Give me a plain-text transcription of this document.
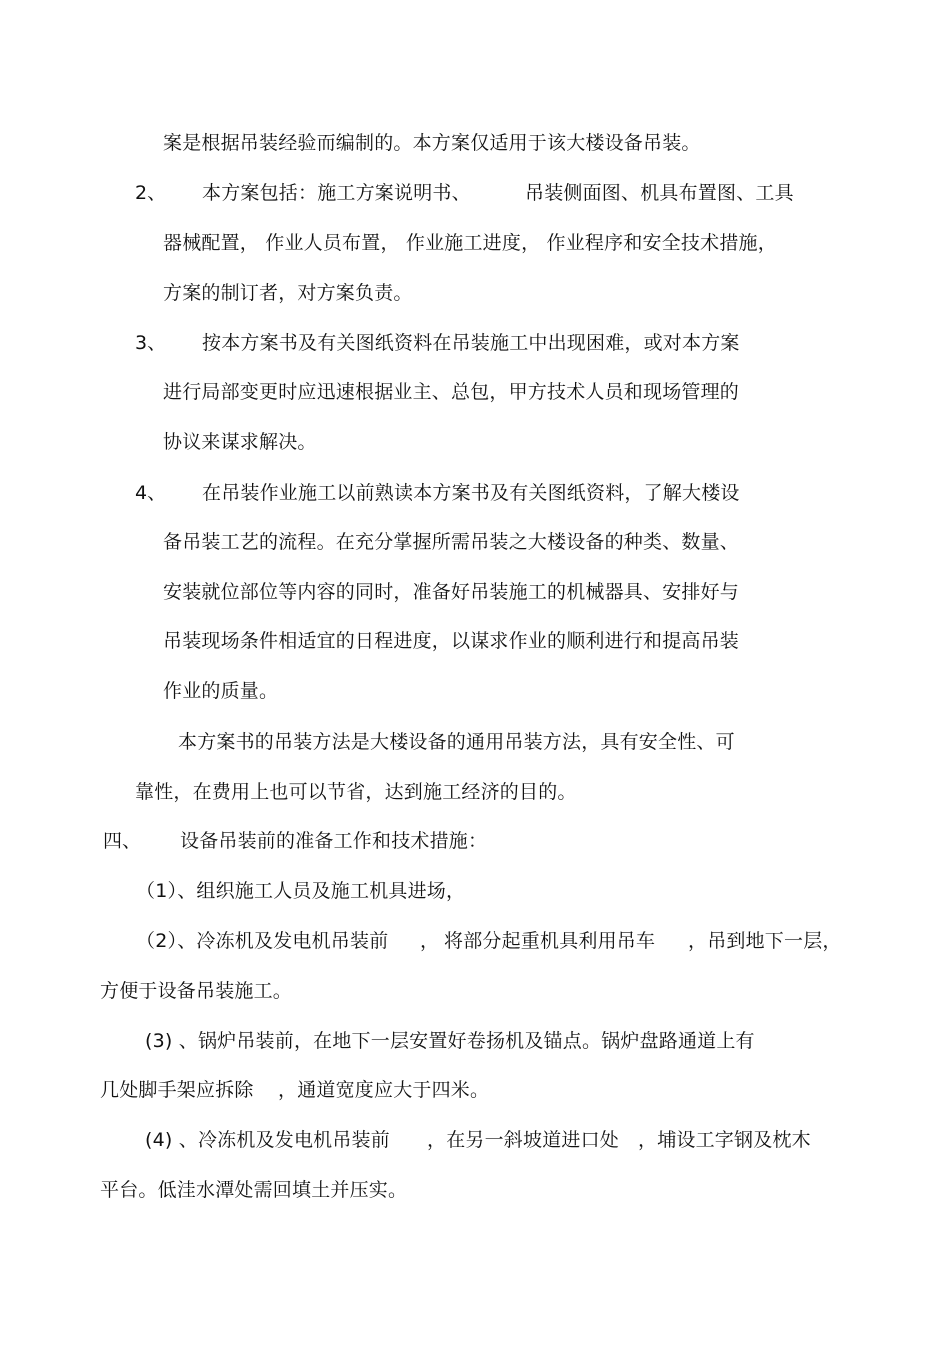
案是根据吊装经验而编制的。本方案仅适用于该大楼设备吊装。
2、 本方案包括：施工方案说明书、	吊装侧面图、机具布置图、工具
器械配置， 作业人员布置， 作业施工进度， 作业程序和安全技术措施，
方案的制订者，对方案负责。
3、 按本方案书及有关图纸资料在吊装施工中出现困难，或对本方案
进行局部变更时应迅速根据业主、总包，甲方技术人员和现场管理的
协议来谋求解决。
4、 在吊装作业施工以前熟读本方案书及有关图纸资料，了解大楼设
备吊装工艺的流程。在充分掌握所需吊装之大楼设备的种类、数量、
安装就位部位等内容的同时，准备好吊装施工的机械器具、安排好与
吊装现场条件相适宜的日程进度，以谋求作业的顺利进行和提高吊装
作业的质量。
本方案书的吊装方法是大楼设备的通用吊装方法，具有安全性、可
靠性，在费用上也可以节省，达到施工经济的目的。
四、 设备吊装前的准备工作和技术措施：
（1）、组织施工人员及施工机具进场，
（2）、冷冻机及发电机吊装前 ， 将部分起重机具利用吊车 ，吊到地下一层，
方便于设备吊装施工。
(3) 、锅炉吊装前，在地下一层安置好卷扬机及锚点。锅炉盘路通道上有
几处脚手架应拆除 ，通道宽度应大于四米。
(4) 、冷冻机及发电机吊装前 ，在另一斜坡道进口处 ，埔设工字钢及枕木
平台。低洼水潭处需回填土并压实。
